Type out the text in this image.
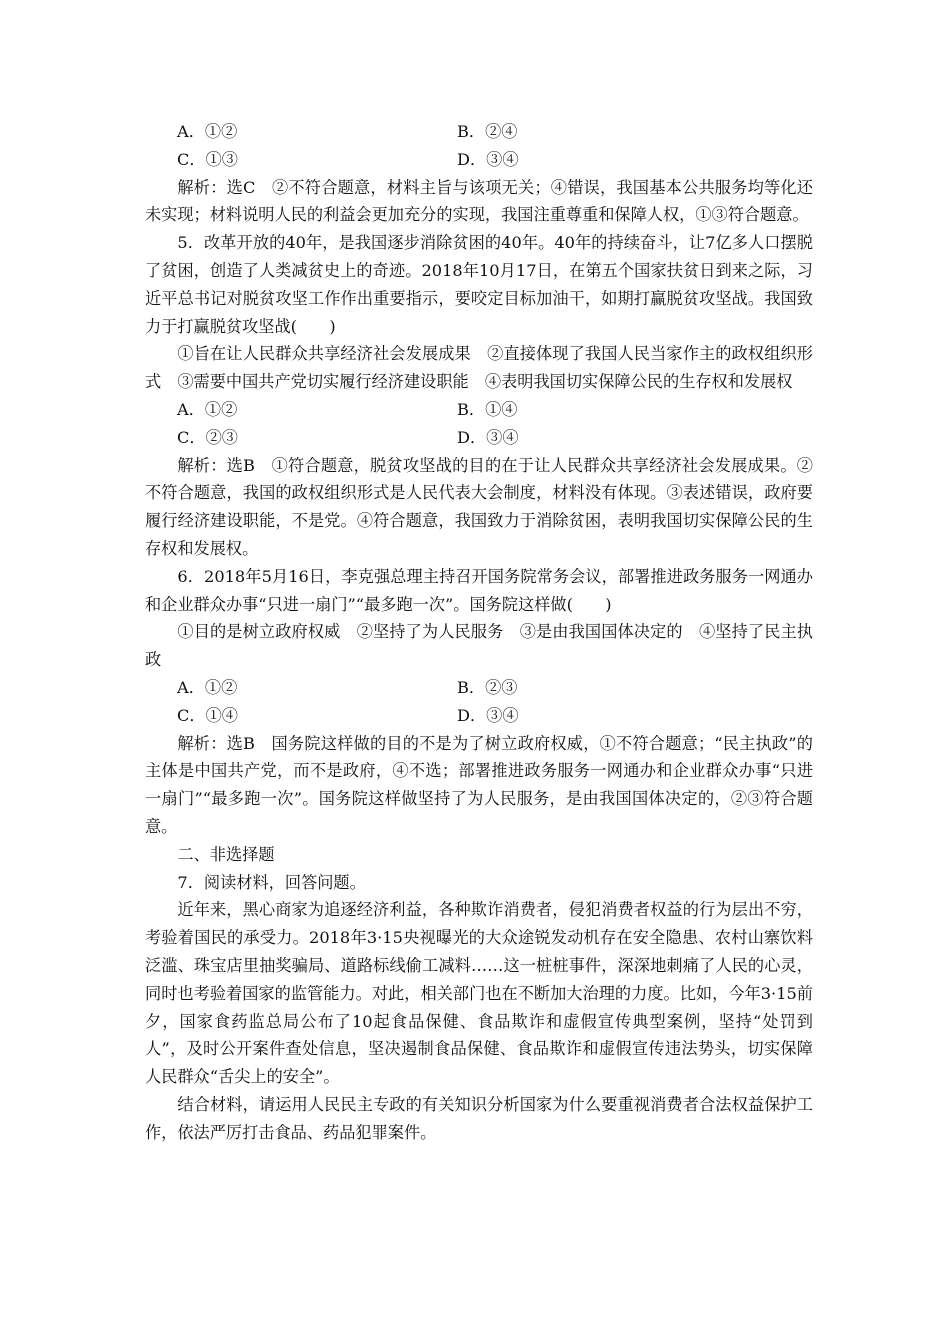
A．①②	B．②④
C．①③	D．③④

解析：选C　②不符合题意，材料主旨与该项无关；④错误，我国基本公共服务均等化还未实现；材料说明人民的利益会更加充分的实现，我国注重尊重和保障人权，①③符合题意。

5．改革开放的40年，是我国逐步消除贫困的40年。40年的持续奋斗，让7亿多人口摆脱了贫困，创造了人类减贫史上的奇迹。2018年10月17日，在第五个国家扶贫日到来之际，习近平总书记对脱贫攻坚工作作出重要指示，要咬定目标加油干，如期打赢脱贫攻坚战。我国致力于打赢脱贫攻坚战(　　)

①旨在让人民群众共享经济社会发展成果　②直接体现了我国人民当家作主的政权组织形式　③需要中国共产党切实履行经济建设职能　④表明我国切实保障公民的生存权和发展权

A．①②	B．①④
C．②③	D．③④

解析：选B　①符合题意，脱贫攻坚战的目的在于让人民群众共享经济社会发展成果。②不符合题意，我国的政权组织形式是人民代表大会制度，材料没有体现。③表述错误，政府要履行经济建设职能，不是党。④符合题意，我国致力于消除贫困，表明我国切实保障公民的生存权和发展权。

6．2018年5月16日，李克强总理主持召开国务院常务会议，部署推进政务服务一网通办和企业群众办事“只进一扇门”“最多跑一次”。国务院这样做(　　)

①目的是树立政府权威　②坚持了为人民服务　③是由我国国体决定的　④坚持了民主执政

A．①②	B．②③
C．①④	D．③④

解析：选B　国务院这样做的目的不是为了树立政府权威，①不符合题意；“民主执政”的主体是中国共产党，而不是政府，④不选；部署推进政务服务一网通办和企业群众办事“只进一扇门”“最多跑一次”。国务院这样做坚持了为人民服务，是由我国国体决定的，②③符合题意。

二、非选择题

7．阅读材料，回答问题。

近年来，黑心商家为追逐经济利益，各种欺诈消费者，侵犯消费者权益的行为层出不穷，考验着国民的承受力。2018年3·15央视曝光的大众途锐发动机存在安全隐患、农村山寨饮料泛滥、珠宝店里抽奖骗局、道路标线偷工减料……这一桩桩事件，深深地刺痛了人民的心灵，同时也考验着国家的监管能力。对此，相关部门也在不断加大治理的力度。比如，今年3·15前夕，国家食药监总局公布了10起食品保健、食品欺诈和虚假宣传典型案例，坚持“处罚到人”，及时公开案件查处信息，坚决遏制食品保健、食品欺诈和虚假宣传违法势头，切实保障人民群众“舌尖上的安全”。

结合材料，请运用人民民主专政的有关知识分析国家为什么要重视消费者合法权益保护工作，依法严厉打击食品、药品犯罪案件。
